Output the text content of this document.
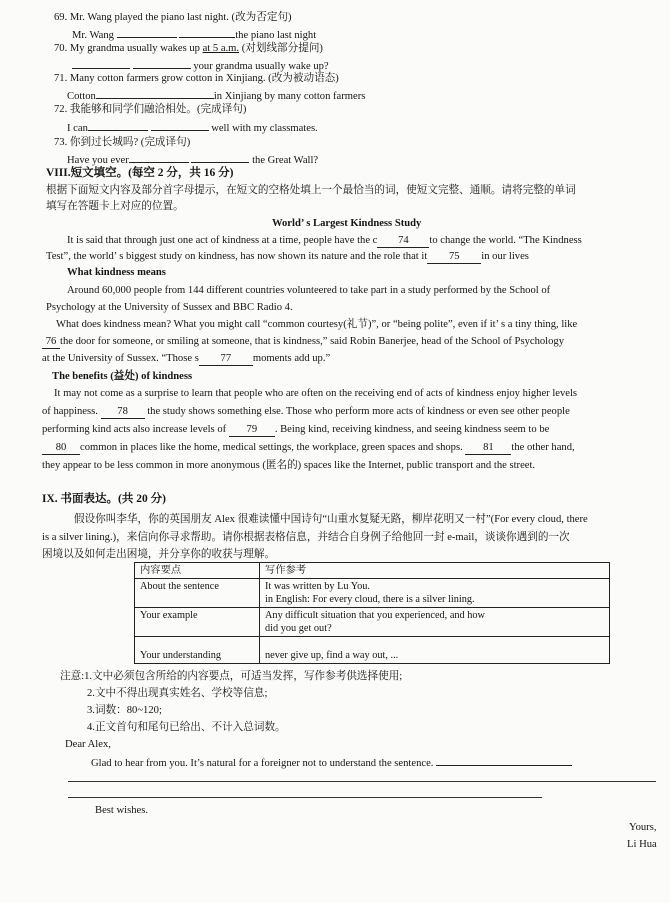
69. Mr. Wang played the piano last night. (改为否定句)
Mr. Wang	the piano last night
70. My grandma usually wakes up at 5 a.m. (对划线部分提问)
your grandma usually wake up?
71. Many cotton farmers grow cotton in Xinjiang. (改为被动语态)
Cotton	in Xinjiang by many cotton farmers
72. 我能够和同学们融洽相处。(完成译句)
I can	well with my classmates.
73. 你到过长城吗? (完成译句)
Have you ever	the Great Wall?
VIII.短文填空。(每空 2 分，共 16 分)
根据下面短文内容及部分首字母提示，在短文的空格处填上一个最恰当的词，使短文完整、通顺。请将完整的单词
填写在答题卡上对应的位置。
World’ s Largest Kindness Study
It is said that through just one act of kindness at a time, people have the c 74 to change the world. “The Kindness
Test”, the world’ s biggest study on kindness, has now shown its nature and the role that it 75 in our lives
What kindness means
Around 60,000 people from 144 different countries volunteered to take part in a study performed by the School of
Psychology at the University of Sussex and BBC Radio 4.
What does kindness mean? What you might call “common courtesy(礼节)”, or “being polite”, even if it’ s a tiny thing, like
76 the door for someone, or smiling at someone, that is kindness,” said Robin Banerjee, head of the School of Psychology
at the University of Sussex. “Those s 77 moments add up.”
The benefits (益处) of kindness
It may not come as a surprise to learn that people who are often on the receiving end of acts of kindness enjoy higher levels
of happiness. 78 the study shows something else. Those who perform more acts of kindness or even see other people
performing kind acts also increase levels of 79 . Being kind, receiving kindness, and seeing kindness seem to be
80 common in places like the home, medical settings, the workplace, green spaces and shops. 81 the other hand,
they appear to be less common in more anonymous (匿名的) spaces like the Internet, public transport and the street.
IX. 书面表达。(共 20 分)
假设你叫李华，你的英国朋友 Alex 很难读懂中国诗句“山重水复疑无路，柳岸花明又一村”(For every cloud, there
is a silver lining.)，来信向你寻求帮助。请你根据表格信息，并结合自身例子给他回一封 e-mail，谈谈你遇到的一次
困境以及如何走出困境，并分享你的收获与理解。
内容要点	写作参考
About the sentence	It was written by Lu You.
in English: For every cloud, there is a silver lining.

Your example	Any difficult situation that you experienced, and how
did you get out?

Your understanding	never give up, find a way out, ...
注意:1.文中必须包含所给的内容要点，可适当发挥，写作参考供选择使用;
2.文中不得出现真实姓名、学校等信息;
3.词数：80~120;
4.正文首句和尾句已给出、不计入总词数。
Dear Alex,
Glad to hear from you. It’s natural for a foreigner not to understand the sentence.
Best wishes.
Yours,
Li Hua
